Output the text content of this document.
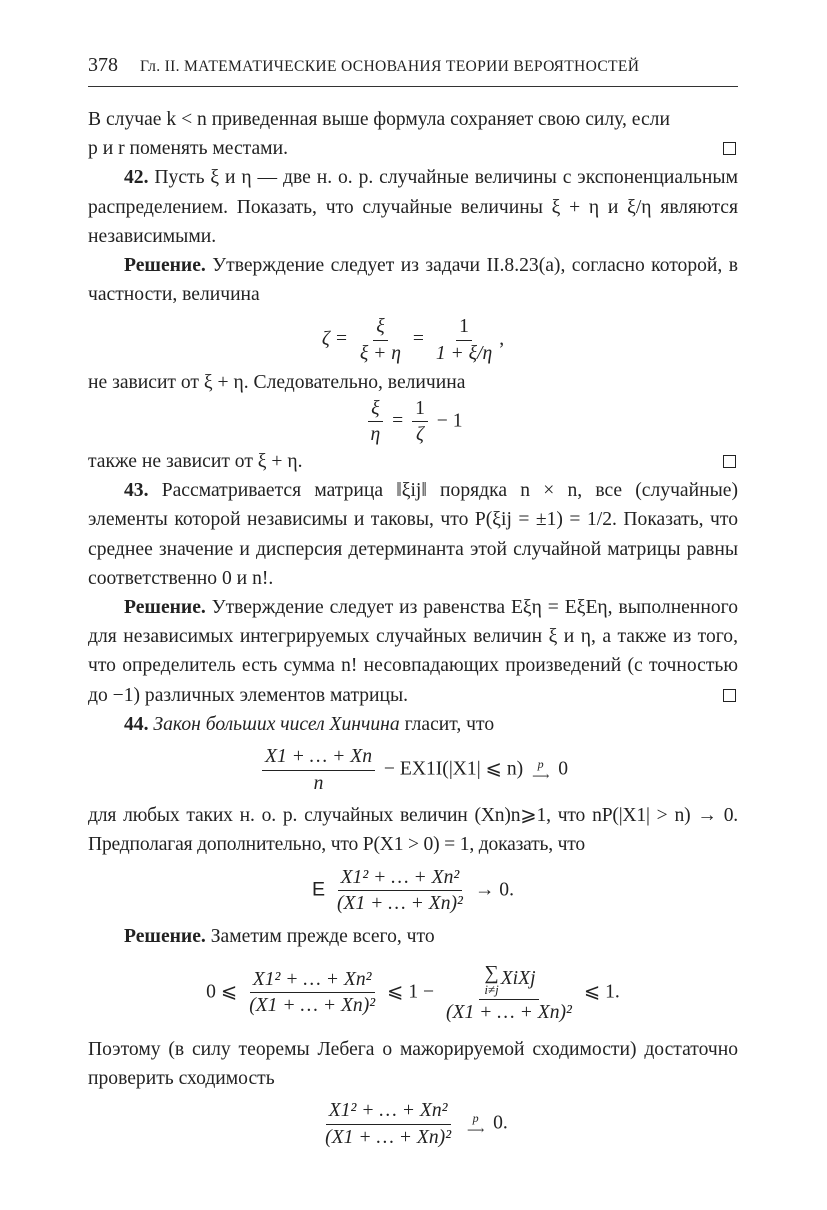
378 Гл. II. МАТЕМАТИЧЕСКИЕ ОСНОВАНИЯ ТЕОРИИ ВЕРОЯТНОСТЕЙ

В случае k < n приведенная выше формула сохраняет свою силу, если
p и r поменять местами.

42. Пусть ξ и η — две н. о. р. случайные величины с экспоненциальным распределением. Показать, что случайные величины ξ + η и ξ/η являются независимыми.

Решение. Утверждение следует из задачи II.8.23(а), согласно которой, в частности, величина

$\zeta = \frac{\xi}{\xi + \eta} = \frac{1}{1 + \xi/\eta}$ ,

не зависит от ξ + η. Следовательно, величина

$\frac{\xi}{\eta} = \frac{1}{\zeta} - 1$

также не зависит от ξ + η.

43. Рассматривается матрица ‖ξij‖ порядка n × n, все (случайные) элементы которой независимы и таковы, что P(ξij = ±1) = 1/2. Показать, что среднее значение и дисперсия детерминанта этой случайной матрицы равны соответственно 0 и n!.

Решение. Утверждение следует из равенства Eξη = EξEη, выполненного для независимых интегрируемых случайных величин ξ и η, а также из того, что определитель есть сумма n! несовпадающих произведений (с точностью до −1) различных элементов матрицы.

44. Закон больших чисел Хинчина гласит, что

$\frac{X1 + \dots + Xn}{n} - EX1I(|X1|$ ⩽ n) p
⟶ 0

для любых таких н. о. р. случайных величин (Xn)n⩾1, что nP(|X1| > n) → 0. Предполагая дополнительно, что P(X1 > 0) = 1, доказать, что

E $\frac{\text{X1² + … + Xn²}}{\text{(X1 + … + Xn)²}} \to 0$.

Решение. Заметим прежде всего, что

0 ⩽ $\frac{\text{X1² + … + Xn²}}{\text{(X1 + … + Xn)²}}$ ⩽ 1 − ∑
i≠j
XiXj
(X1 + … + Xn)² ⩽ 1.

Поэтому (в силу теоремы Лебега о мажорируемой сходимости) достаточно проверить сходимость

$\frac{\text{X1² + … + Xn²}}{\text{(X1 + … + Xn)²}}$
p
⟶ 0.
